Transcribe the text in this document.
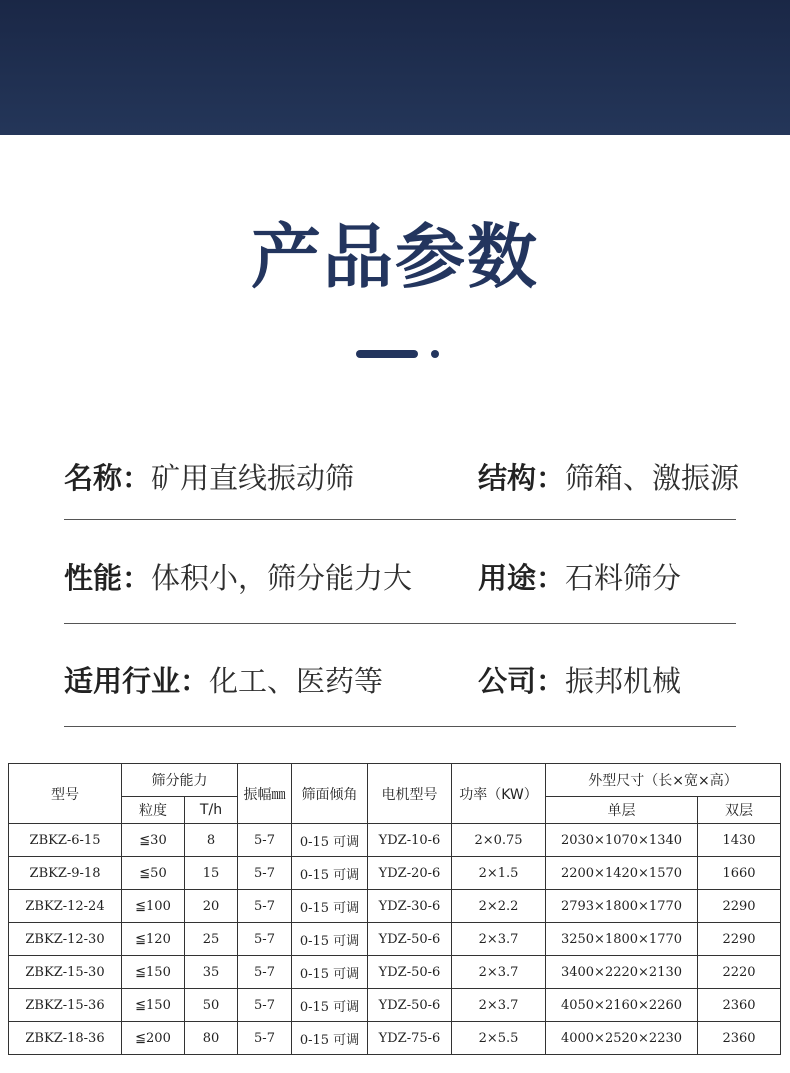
产品参数
名称：矿用直线振动筛	结构：筛箱、激振源
性能：体积小，筛分能力大 用途：石料筛分
适用行业：化工、医药等	公司：振邦机械
型号	筛分能力		振幅㎜	筛面倾角	电机型号	功率（KW）	外型尺寸（长×宽×高）	
	粒度	T/h					单层	双层
ZBKZ-6-15	≦30	8	5-7	0-15 可调	YDZ-10-6	2×0.75	2030×1070×1340	1430
ZBKZ-9-18	≦50	15	5-7	0-15 可调	YDZ-20-6	2×1.5	2200×1420×1570	1660
ZBKZ-12-24	≦100	20	5-7	0-15 可调	YDZ-30-6	2×2.2	2793×1800×1770	2290
ZBKZ-12-30	≦120	25	5-7	0-15 可调	YDZ-50-6	2×3.7	3250×1800×1770	2290
ZBKZ-15-30	≦150	35	5-7	0-15 可调	YDZ-50-6	2×3.7	3400×2220×2130	2220
ZBKZ-15-36	≦150	50	5-7	0-15 可调	YDZ-50-6	2×3.7	4050×2160×2260	2360
ZBKZ-18-36	≦200	80	5-7	0-15 可调	YDZ-75-6	2×5.5	4000×2520×2230	2360
